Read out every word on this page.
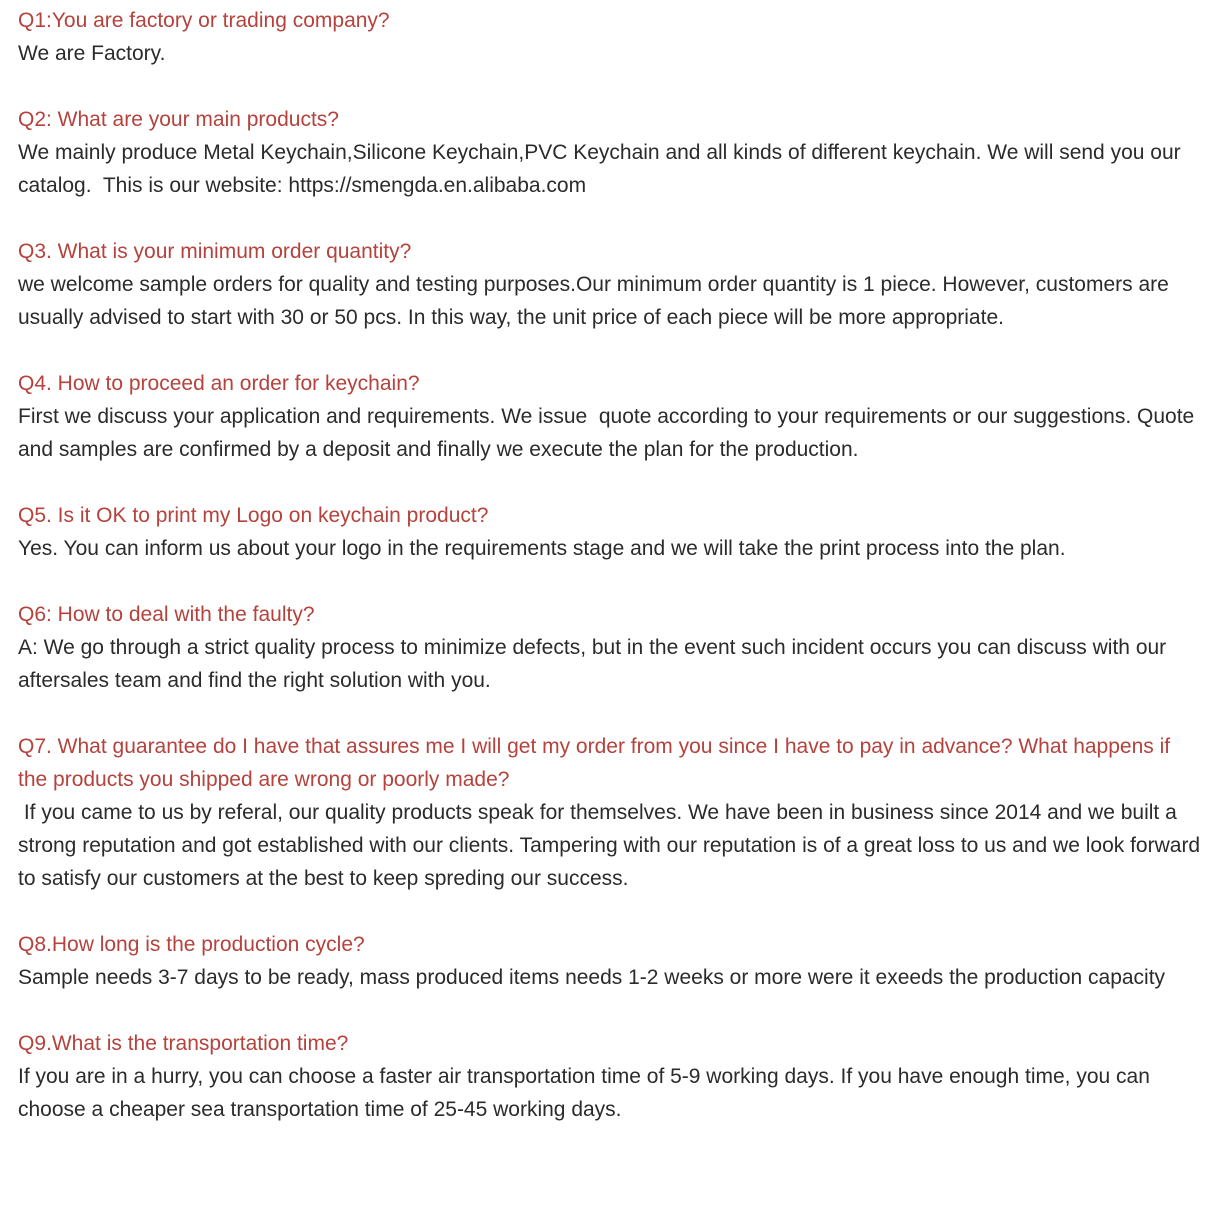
Q1:You are factory or trading company?

We are Factory.

Q2: What are your main products?

We mainly produce Metal Keychain,Silicone Keychain,PVC Keychain and all kinds of different keychain. We will send you our catalog.  This is our website: https://smengda.en.alibaba.com

Q3. What is your minimum order quantity?

we welcome sample orders for quality and testing purposes.Our minimum order quantity is 1 piece. However, customers are usually advised to start with 30 or 50 pcs. In this way, the unit price of each piece will be more appropriate.

Q4. How to proceed an order for keychain?

First we discuss your application and requirements. We issue  quote according to your requirements or our suggestions. Quote and samples are confirmed by a deposit and finally we execute the plan for the production.

Q5. Is it OK to print my Logo on keychain product?

Yes. You can inform us about your logo in the requirements stage and we will take the print process into the plan.

Q6: How to deal with the faulty?

A: We go through a strict quality process to minimize defects, but in the event such incident occurs you can discuss with our aftersales team and find the right solution with you.

Q7. What guarantee do I have that assures me I will get my order from you since I have to pay in advance? What happens if the products you shipped are wrong or poorly made?

If you came to us by referal, our quality products speak for themselves. We have been in business since 2014 and we built a strong reputation and got established with our clients. Tampering with our reputation is of a great loss to us and we look forward to satisfy our customers at the best to keep spreding our success.

Q8.How long is the production cycle?

Sample needs 3-7 days to be ready, mass produced items needs 1-2 weeks or more were it exeeds the production capacity

Q9.What is the transportation time?

If you are in a hurry, you can choose a faster air transportation time of 5-9 working days. If you have enough time, you can choose a cheaper sea transportation time of 25-45 working days.
